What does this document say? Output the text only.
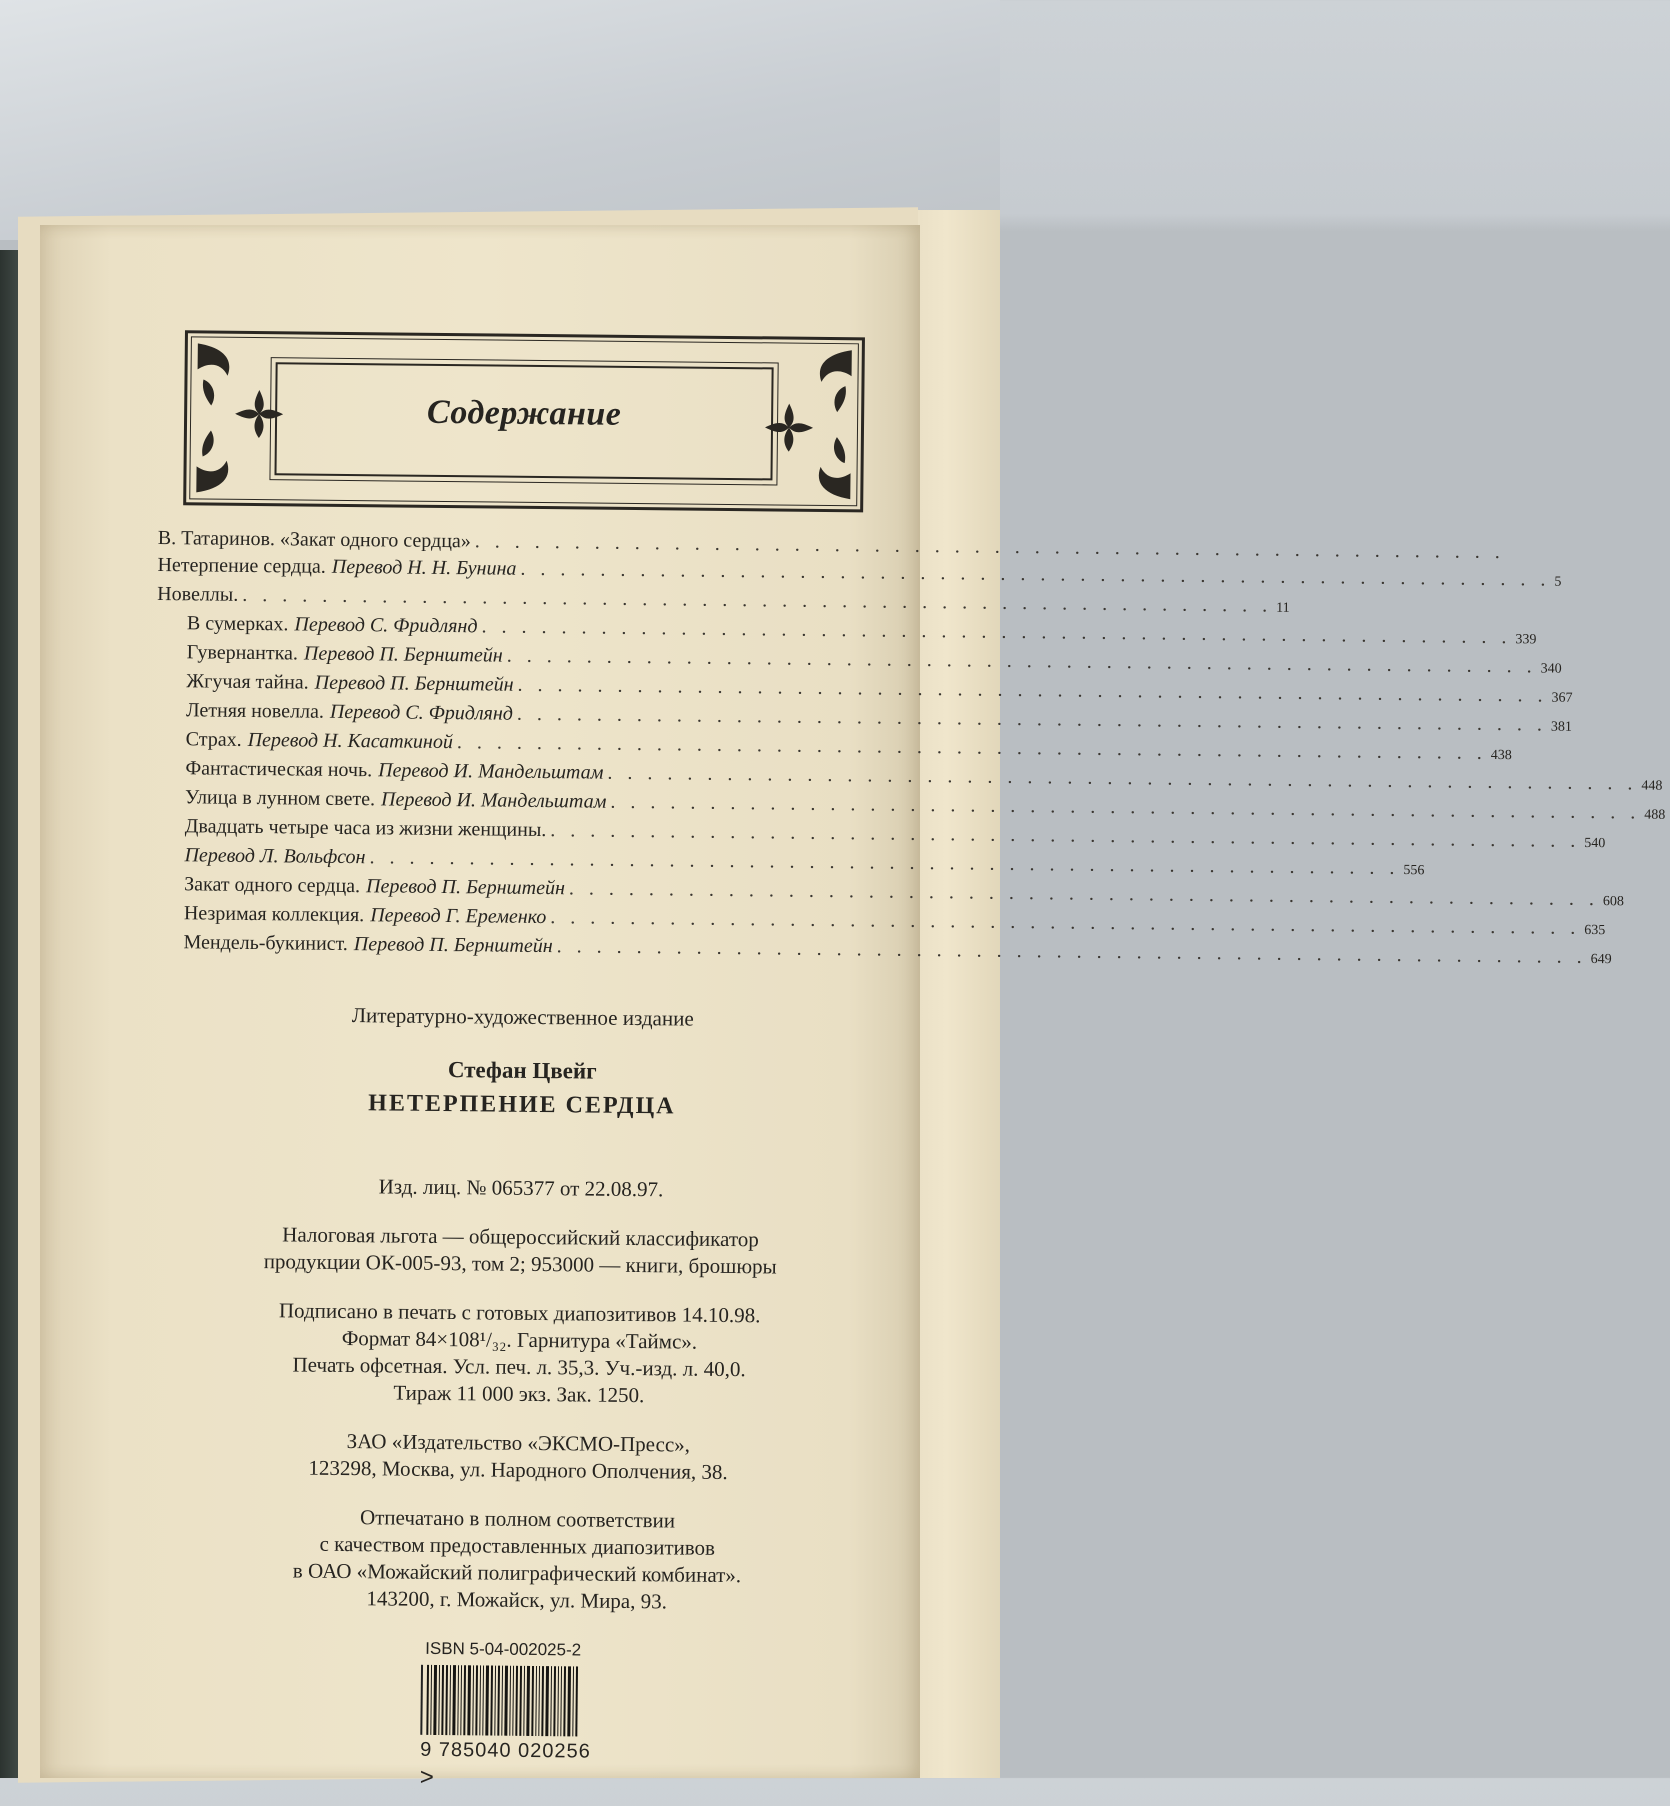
Содержание
В. Татаринов. «Закат одного сердца» . . . . . . . . . . . . . . . . . . . . . . . . . . . . . . . . . . . . . . . . . . . . . . . . . . . .
Нетерпение сердца. Перевод Н. Н. Бунина . . . . . . . . . . . . . . . . . . . . . . . . . . . . . . . . . . . . . . . . . . . . . . . . . . . . 5
Новеллы. . . . . . . . . . . . . . . . . . . . . . . . . . . . . . . . . . . . . . . . . . . . . . . . . . . . . 11
В сумерках. Перевод С. Фридлянд . . . . . . . . . . . . . . . . . . . . . . . . . . . . . . . . . . . . . . . . . . . . . . . . . . . . 339
Гувернантка. Перевод П. Бернштейн . . . . . . . . . . . . . . . . . . . . . . . . . . . . . . . . . . . . . . . . . . . . . . . . . . . . 340
Жгучая тайна. Перевод П. Бернштейн . . . . . . . . . . . . . . . . . . . . . . . . . . . . . . . . . . . . . . . . . . . . . . . . . . . . 367
Летняя новелла. Перевод С. Фридлянд . . . . . . . . . . . . . . . . . . . . . . . . . . . . . . . . . . . . . . . . . . . . . . . . . . . . 381
Страх. Перевод Н. Касаткиной . . . . . . . . . . . . . . . . . . . . . . . . . . . . . . . . . . . . . . . . . . . . . . . . . . . . 438
Фантастическая ночь. Перевод И. Мандельштам . . . . . . . . . . . . . . . . . . . . . . . . . . . . . . . . . . . . . . . . . . . . . . . . . . . . 448
Улица в лунном свете. Перевод И. Мандельштам . . . . . . . . . . . . . . . . . . . . . . . . . . . . . . . . . . . . . . . . . . . . . . . . . . . . 488
Двадцать четыре часа из жизни женщины. . . . . . . . . . . . . . . . . . . . . . . . . . . . . . . . . . . . . . . . . . . . . . . . . . . . . 540
Перевод Л. Вольфсон . . . . . . . . . . . . . . . . . . . . . . . . . . . . . . . . . . . . . . . . . . . . . . . . . . . . 556
Закат одного сердца. Перевод П. Бернштейн . . . . . . . . . . . . . . . . . . . . . . . . . . . . . . . . . . . . . . . . . . . . . . . . . . . . 608
Незримая коллекция. Перевод Г. Еременко . . . . . . . . . . . . . . . . . . . . . . . . . . . . . . . . . . . . . . . . . . . . . . . . . . . . 635
Мендель-букинист. Перевод П. Бернштейн . . . . . . . . . . . . . . . . . . . . . . . . . . . . . . . . . . . . . . . . . . . . . . . . . . . . 649
Литературно-художественное издание
Стефан Цвейг
НЕТЕРПЕНИЕ СЕРДЦА
Изд. лиц. № 065377 от 22.08.97.
Налоговая льгота — общероссийский классификатор
продукции ОК-005-93, том 2; 953000 — книги, брошюры
Подписано в печать с готовых диапозитивов 14.10.98.
Формат 84×108¹/₃₂. Гарнитура «Таймс».
Печать офсетная. Усл. печ. л. 35,3. Уч.-изд. л. 40,0.
Тираж 11 000 экз. Зак. 1250.
ЗАО «Издательство «ЭКСМО-Пресс»,
123298, Москва, ул. Народного Ополчения, 38.
Отпечатано в полном соответствии
с качеством предоставленных диапозитивов
в ОАО «Можайский полиграфический комбинат».
143200, г. Можайск, ул. Мира, 93.
ISBN 5-04-002025-2
9 785040 020256 >
